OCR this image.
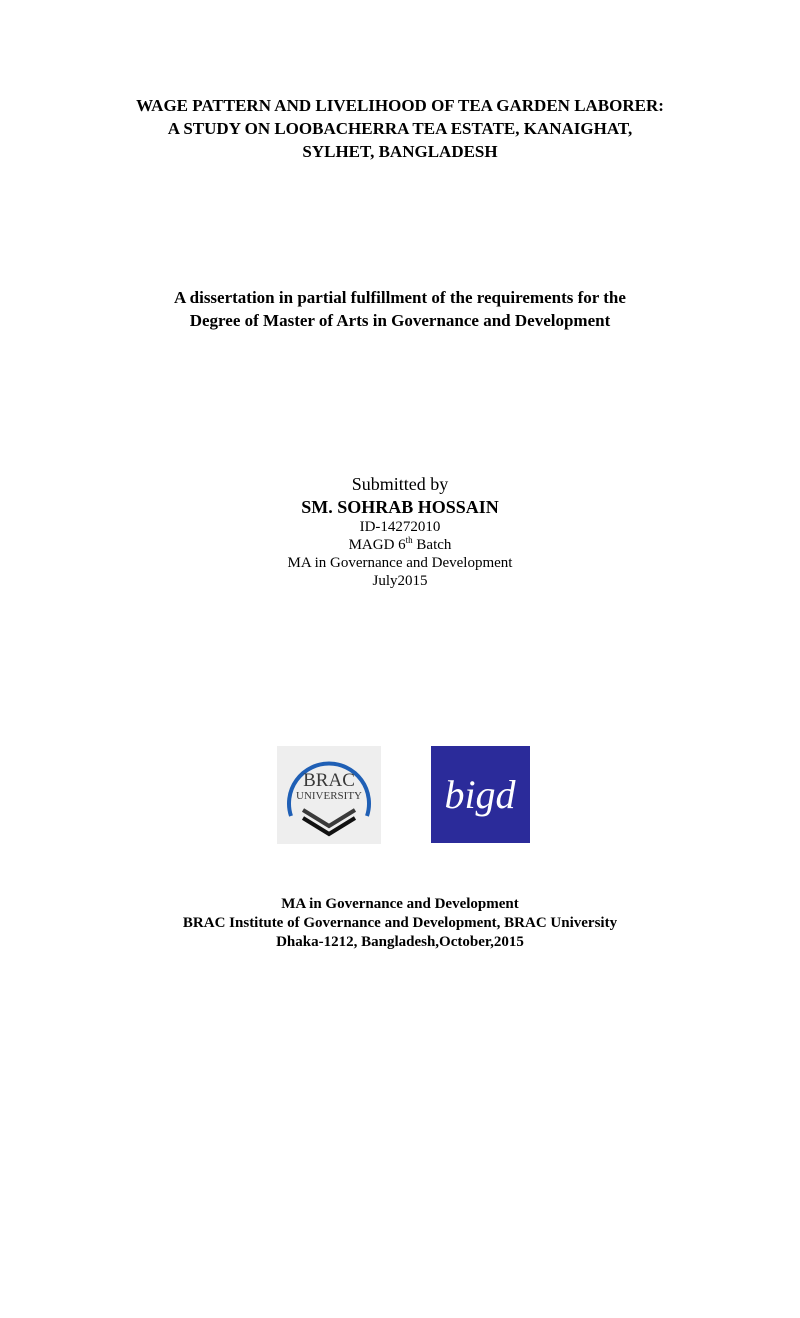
WAGE PATTERN AND LIVELIHOOD OF TEA GARDEN LABORER:
A STUDY ON LOOBACHERRA TEA ESTATE, KANAIGHAT,
SYLHET, BANGLADESH
A dissertation in partial fulfillment of the requirements for the
Degree of Master of Arts in Governance and Development
Submitted by
SM. SOHRAB HOSSAIN
ID-14272010
MAGD 6th Batch
MA in Governance and Development
July2015
BRAC
UNIVERSITY bigd
MA in Governance and Development
BRAC Institute of Governance and Development, BRAC University
Dhaka-1212, Bangladesh,October,2015
